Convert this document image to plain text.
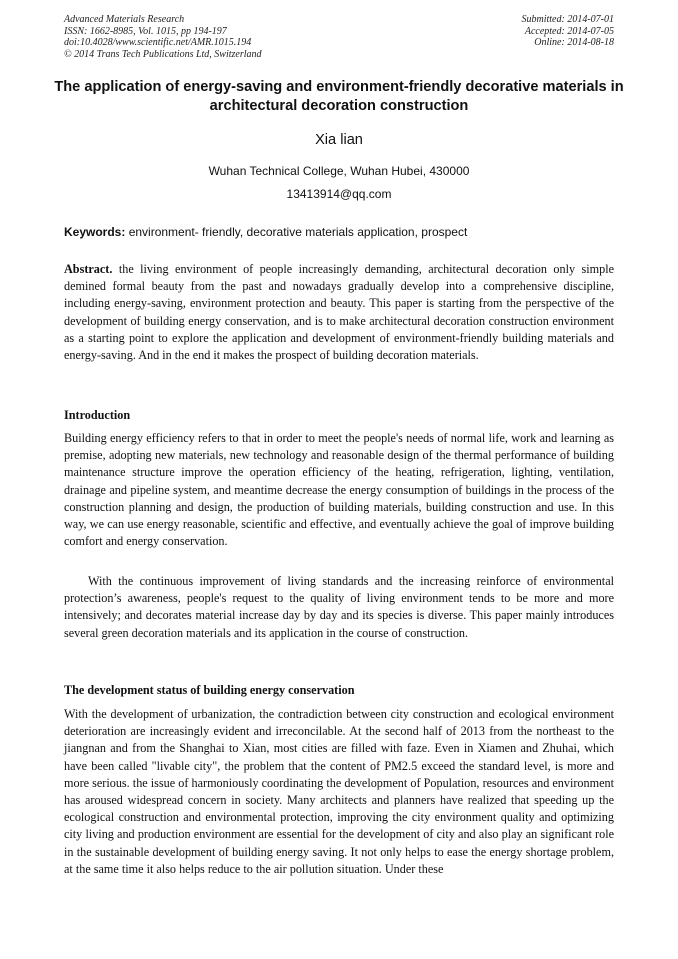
Advanced Materials Research
ISSN: 1662-8985, Vol. 1015, pp 194-197
doi:10.4028/www.scientific.net/AMR.1015.194
© 2014 Trans Tech Publications Ltd, Switzerland
Submitted: 2014-07-01
Accepted: 2014-07-05
Online: 2014-08-18
The application of energy-saving and environment-friendly decorative materials in architectural decoration construction
Xia lian
Wuhan Technical College, Wuhan Hubei, 430000
13413914@qq.com
Keywords: environment- friendly, decorative materials application, prospect
Abstract. the living environment of people increasingly demanding, architectural decoration only simple demined formal beauty from the past and nowadays gradually develop into a comprehensive discipline, including energy-saving, environment protection and beauty. This paper is starting from the perspective of the development of building energy conservation, and is to make architectural decoration construction environment as a starting point to explore the application and development of environment-friendly building materials and energy-saving. And in the end it makes the prospect of building decoration materials.
Introduction
Building energy efficiency refers to that in order to meet the people's needs of normal life, work and learning as premise, adopting new materials, new technology and reasonable design of the thermal performance of building maintenance structure improve the operation efficiency of the heating, refrigeration, lighting, ventilation, drainage and pipeline system, and meantime decrease the energy consumption of buildings in the process of the construction planning and design, the production of building materials, building construction and use. In this way, we can use energy reasonable, scientific and effective, and eventually achieve the goal of improve building comfort and energy conservation.
With the continuous improvement of living standards and the increasing reinforce of environmental protection’s awareness, people's request to the quality of living environment tends to be more and more intensively; and decorates material increase day by day and its species is diverse. This paper mainly introduces several green decoration materials and its application in the course of construction.
The development status of building energy conservation
With the development of urbanization, the contradiction between city construction and ecological environment deterioration are increasingly evident and irreconcilable. At the second half of 2013 from the northeast to the jiangnan and from the Shanghai to Xian, most cities are filled with faze. Even in Xiamen and Zhuhai, which have been called "livable city", the problem that the content of PM2.5 exceed the standard level, is more and more serious. the issue of harmoniously coordinating the development of Population, resources and environment has aroused widespread concern in society. Many architects and planners have realized that speeding up the ecological construction and environmental protection, improving the city environment quality and optimizing city living and production environment are essential for the development of city and also play an significant role in the sustainable development of building energy saving. It not only helps to ease the energy shortage problem, at the same time it also helps reduce to the air pollution situation. Under these
